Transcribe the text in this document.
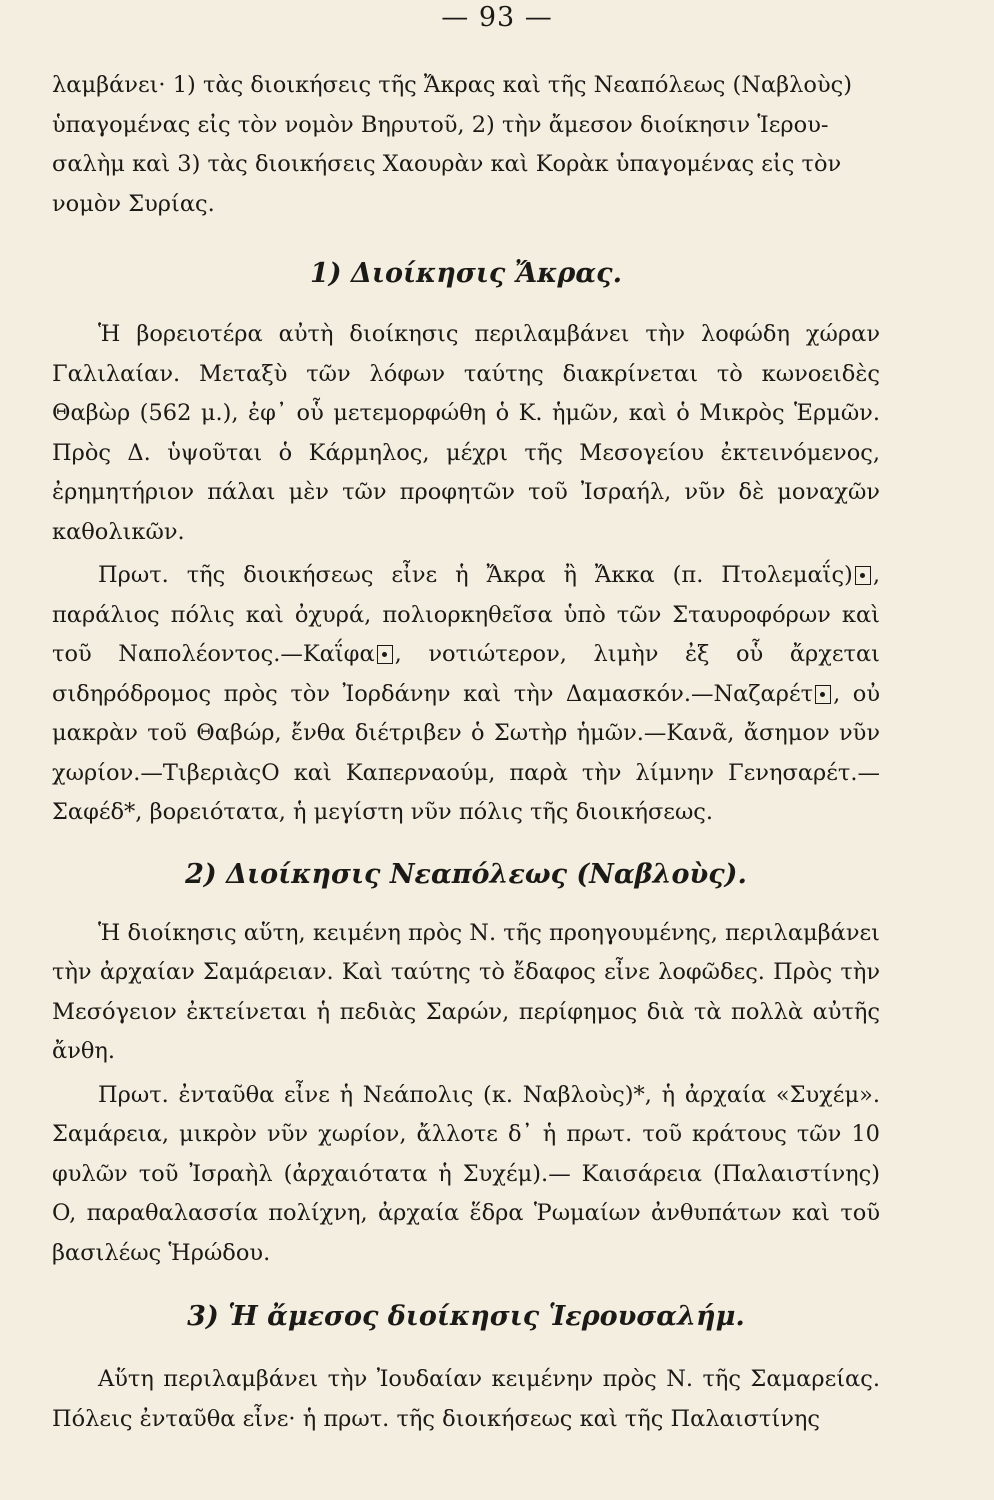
— 93 —

λαμβάνει· 1) τὰς διοικήσεις τῆς Ἄκρας καὶ τῆς Νεαπόλεως (Ναβλοὺς)
ὑπαγομένας εἰς τὸν νομὸν Βηρυτοῦ, 2) τὴν ἄμεσον διοίκησιν Ἱερου-
σαλὴμ καὶ 3) τὰς διοικήσεις Χαουρὰν καὶ Κορὰκ ὑπαγομένας εἰς τὸν
νομὸν Συρίας.

1) Διοίκησις Ἄκρας.

Ἡ βορειοτέρα αὐτὴ διοίκησις περιλαμβάνει τὴν λοφώδη χώραν Γαλιλαίαν. Μεταξὺ τῶν λόφων ταύτης διακρίνεται τὸ κωνοειδὲς Θαβὼρ (562 μ.), ἐφ᾽ οὗ μετεμορφώθη ὁ Κ. ἡμῶν, καὶ ὁ Μικρὸς Ἑρμῶν. Πρὸς Δ. ὑψοῦται ὁ Κάρμηλος, μέχρι τῆς Μεσογείου ἐκτεινόμενος, ἐρημητήριον πάλαι μὲν τῶν προφητῶν τοῦ Ἰσραήλ, νῦν δὲ μοναχῶν καθολικῶν.

Πρωτ. τῆς διοικήσεως εἶνε ἡ Ἄκρα ἢ Ἄκκα (π. Πτολεμαΐς) , παράλιος πόλις καὶ ὀχυρά, πολιορκηθεῖσα ὑπὸ τῶν Σταυροφόρων καὶ τοῦ Ναπολέοντος.—Καΐφα , νοτιώτερον, λιμὴν ἐξ οὗ ἄρχεται σιδηρόδρομος πρὸς τὸν Ἰορδάνην καὶ τὴν Δαμασκόν.—Ναζαρέτ , οὐ μακρὰν τοῦ Θαβώρ, ἔνθα διέτριβεν ὁ Σωτὴρ ἡμῶν.—Κανᾶ, ἄσημον νῦν χωρίον.—ΤιβεριὰςO καὶ Καπερναούμ, παρὰ τὴν λίμνην Γενησαρέτ.—Σαφέδ*, βορειότατα, ἡ μεγίστη νῦν πόλις τῆς διοικήσεως.

2) Διοίκησις Νεαπόλεως (Ναβλοὺς).

Ἡ διοίκησις αὕτη, κειμένη πρὸς Ν. τῆς προηγουμένης, περιλαμβάνει τὴν ἀρχαίαν Σαμάρειαν. Καὶ ταύτης τὸ ἔδαφος εἶνε λοφῶδες. Πρὸς τὴν Μεσόγειον ἐκτείνεται ἡ πεδιὰς Σαρών, περίφημος διὰ τὰ πολλὰ αὐτῆς ἄνθη.

Πρωτ. ἐνταῦθα εἶνε ἡ Νεάπολις (κ. Ναβλοὺς)*, ἡ ἀρχαία «Συχέμ». Σαμάρεια, μικρὸν νῦν χωρίον, ἄλλοτε δ᾽ ἡ πρωτ. τοῦ κράτους τῶν 10 φυλῶν τοῦ Ἰσραὴλ (ἀρχαιότατα ἡ Συχέμ).— Καισάρεια (Παλαιστίνης) O, παραθαλασσία πολίχνη, ἀρχαία ἕδρα Ῥωμαίων ἀνθυπάτων καὶ τοῦ βασιλέως Ἡρώδου.

3) Ἡ ἄμεσος διοίκησις Ἱερουσαλήμ.

Αὕτη περιλαμβάνει τὴν Ἰουδαίαν κειμένην πρὸς Ν. τῆς Σαμαρείας. Πόλεις ἐνταῦθα εἶνε· ἡ πρωτ. τῆς διοικήσεως καὶ τῆς Παλαιστίνης
